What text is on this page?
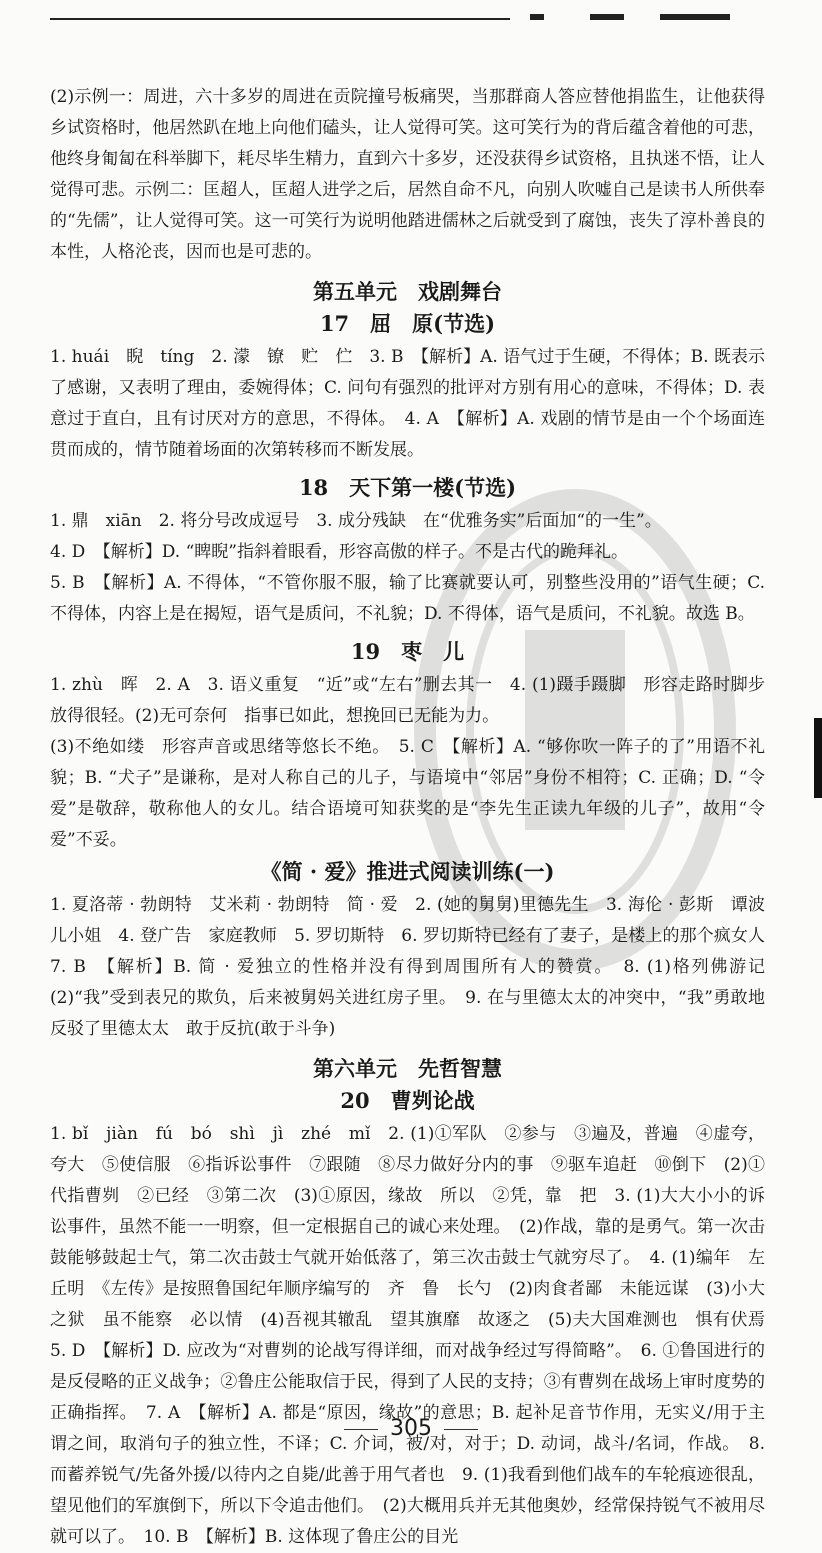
(2)示例一：周进，六十多岁的周进在贡院撞号板痛哭，当那群商人答应替他捐监生，让他获得乡试资格时，他居然趴在地上向他们磕头，让人觉得可笑。这可笑行为的背后蕴含着他的可悲，他终身匍匐在科举脚下，耗尽毕生精力，直到六十多岁，还没获得乡试资格，且执迷不悟，让人觉得可悲。示例二：匡超人，匡超人进学之后，居然自命不凡，向别人吹嘘自己是读书人所供奉的“先儒”，让人觉得可笑。这一可笑行为说明他踏进儒林之后就受到了腐蚀，丧失了淳朴善良的本性，人格沦丧，因而也是可悲的。

第五单元　戏剧舞台
17　屈　原(节选)

1. huái　睨　tíng　2. 濛　镣　贮　伫　3. B　【解析】A. 语气过于生硬，不得体；B. 既表示了感谢，又表明了理由，委婉得体；C. 问句有强烈的批评对方别有用心的意味，不得体；D. 表意过于直白，且有讨厌对方的意思，不得体。　4. A　【解析】A. 戏剧的情节是由一个个场面连贯而成的，情节随着场面的次第转移而不断发展。

18　天下第一楼(节选)

1. 鼎　xiān　2. 将分号改成逗号　3. 成分残缺　在“优雅务实”后面加“的一生”。

4. D　【解析】D. “睥睨”指斜着眼看，形容高傲的样子。不是古代的跪拜礼。

5. B　【解析】A. 不得体，“不管你服不服，输了比赛就要认可，别整些没用的”语气生硬；C. 不得体，内容上是在揭短，语气是质问，不礼貌；D. 不得体，语气是质问，不礼貌。故选 B。

19　枣　儿

1. zhù　晖　2. A　3. 语义重复　“近”或“左右”删去其一　4. (1)蹑手蹑脚　形容走路时脚步放得很轻。(2)无可奈何　指事已如此，想挽回已无能为力。

(3)不绝如缕　形容声音或思绪等悠长不绝。　5. C　【解析】A. “够你吹一阵子的了”用语不礼貌；B. “犬子”是谦称，是对人称自己的儿子，与语境中“邻居”身份不相符；C. 正确；D. “令爱”是敬辞，敬称他人的女儿。结合语境可知获奖的是“李先生正读九年级的儿子”，故用“令爱”不妥。

《简 · 爱》推进式阅读训练(一)

1. 夏洛蒂 · 勃朗特　艾米莉 · 勃朗特　简 · 爱　2. (她的舅舅)里德先生　3. 海伦 · 彭斯　谭波儿小姐　4. 登广告　家庭教师　5. 罗切斯特　6. 罗切斯特已经有了妻子，是楼上的那个疯女人　7. B　【解析】B. 简 · 爱独立的性格并没有得到周围所有人的赞赏。　8. (1)格列佛游记　(2)“我”受到表兄的欺负，后来被舅妈关进红房子里。　9. 在与里德太太的冲突中，“我”勇敢地反驳了里德太太　敢于反抗(敢于斗争)

第六单元　先哲智慧
20　曹刿论战

1. bǐ　jiàn　fú　bó　shì　jì　zhé　mǐ　2. (1)①军队　②参与　③遍及，普遍　④虚夸，夸大　⑤使信服　⑥指诉讼事件　⑦跟随　⑧尽力做好分内的事　⑨驱车追赶　⑩倒下　(2)①代指曹刿　②已经　③第二次　(3)①原因，缘故　所以　②凭，靠　把　3. (1)大大小小的诉讼事件，虽然不能一一明察，但一定根据自己的诚心来处理。　(2)作战，靠的是勇气。第一次击鼓能够鼓起士气，第二次击鼓士气就开始低落了，第三次击鼓士气就穷尽了。　4. (1)编年　左丘明　《左传》是按照鲁国纪年顺序编写的　齐　鲁　长勺　(2)肉食者鄙　未能远谋　(3)小大之狱　虽不能察　必以情　(4)吾视其辙乱　望其旗靡　故逐之　(5)夫大国难测也　惧有伏焉　5. D　【解析】D. 应改为“对曹刿的论战写得详细，而对战争经过写得简略”。　6. ①鲁国进行的是反侵略的正义战争；②鲁庄公能取信于民，得到了人民的支持；③有曹刿在战场上审时度势的正确指挥。　7. A　【解析】A. 都是“原因，缘故”的意思；B. 起补足音节作用，无实义/用于主谓之间，取消句子的独立性，不译；C. 介词，被/对，对于；D. 动词，战斗/名词，作战。　8. 而蓄养锐气/先备外援/以待内之自毙/此善于用气者也　9. (1)我看到他们战车的车轮痕迹很乱，望见他们的军旗倒下，所以下令追击他们。　(2)大概用兵并无其他奥妙，经常保持锐气不被用尽就可以了。　10. B　【解析】B. 这体现了鲁庄公的目光

305
